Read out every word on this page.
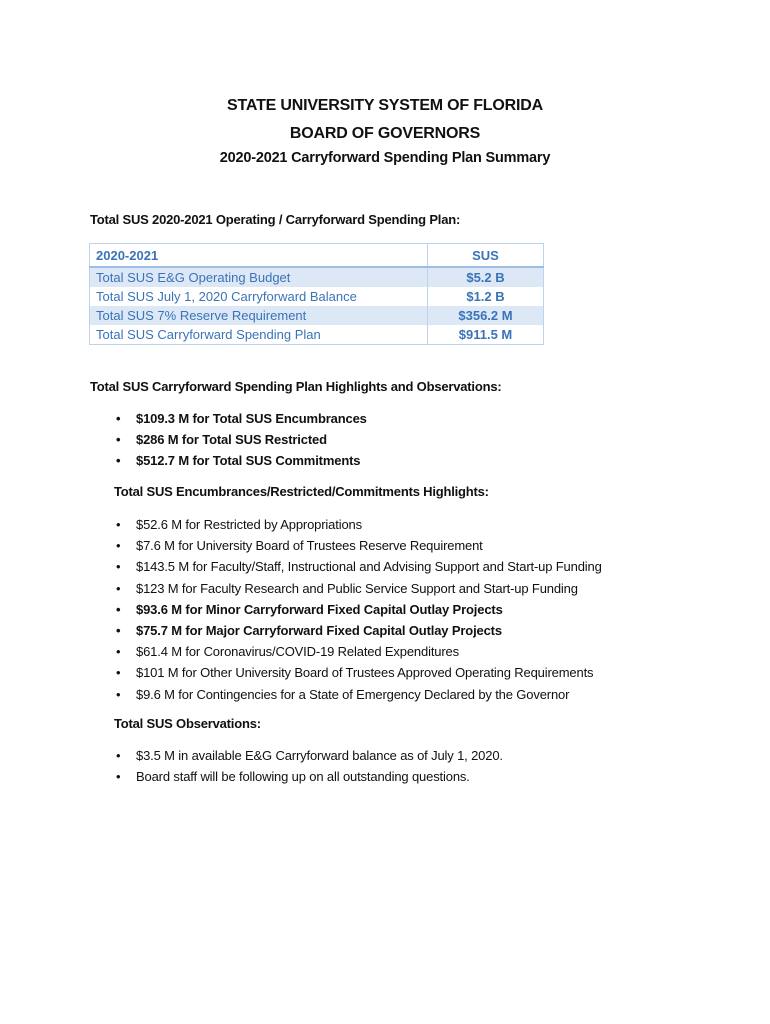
STATE UNIVERSITY SYSTEM OF FLORIDA
BOARD OF GOVERNORS
2020-2021 Carryforward Spending Plan Summary
Total SUS 2020-2021 Operating / Carryforward Spending Plan:
2020-2021	SUS
Total SUS E&G Operating Budget	$5.2 B
Total SUS July 1, 2020 Carryforward Balance	$1.2 B
Total SUS 7% Reserve Requirement	$356.2 M
Total SUS Carryforward Spending Plan	$911.5 M
Total SUS Carryforward Spending Plan Highlights and Observations:
• $109.3 M for Total SUS Encumbrances
• $286 M for Total SUS Restricted
• $512.7 M for Total SUS Commitments
Total SUS Encumbrances/Restricted/Commitments Highlights:
• $52.6 M for Restricted by Appropriations
• $7.6 M for University Board of Trustees Reserve Requirement
• $143.5 M for Faculty/Staff, Instructional and Advising Support and Start-up Funding
• $123 M for Faculty Research and Public Service Support and Start-up Funding
• $93.6 M for Minor Carryforward Fixed Capital Outlay Projects
• $75.7 M for Major Carryforward Fixed Capital Outlay Projects
• $61.4 M for Coronavirus/COVID-19 Related Expenditures
• $101 M for Other University Board of Trustees Approved Operating Requirements
• $9.6 M for Contingencies for a State of Emergency Declared by the Governor
Total SUS Observations:
• $3.5 M in available E&G Carryforward balance as of July 1, 2020.
• Board staff will be following up on all outstanding questions.
